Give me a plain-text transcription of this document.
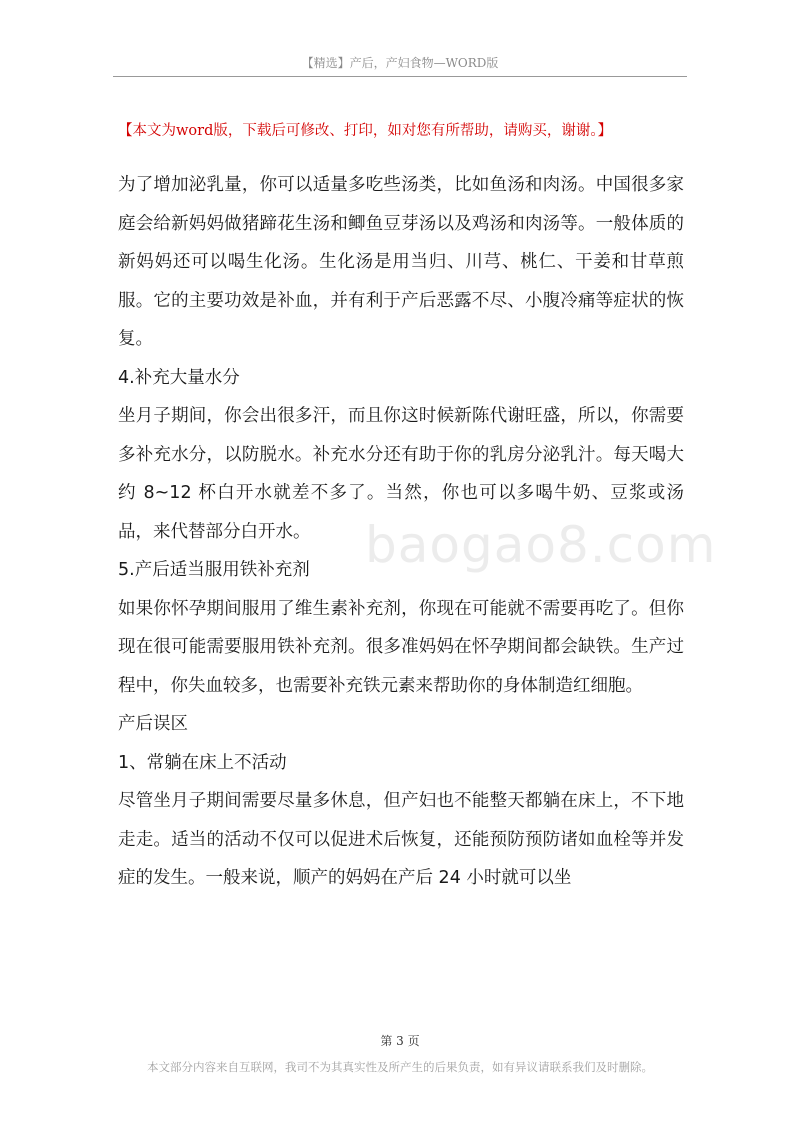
【精选】产后，产妇食物—WORD版
【本文为word版，下载后可修改、打印，如对您有所帮助，请购买，谢谢。】

为了增加泌乳量，你可以适量多吃些汤类，比如鱼汤和肉汤。中国很多家庭会给新妈妈做猪蹄花生汤和鲫鱼豆芽汤以及鸡汤和肉汤等。一般体质的新妈妈还可以喝生化汤。生化汤是用当归、川芎、桃仁、干姜和甘草煎服。它的主要功效是补血，并有利于产后恶露不尽、小腹冷痛等症状的恢复。

4.补充大量水分

坐月子期间，你会出很多汗，而且你这时候新陈代谢旺盛，所以，你需要多补充水分，以防脱水。补充水分还有助于你的乳房分泌乳汁。每天喝大约 8~12 杯白开水就差不多了。当然，你也可以多喝牛奶、豆浆或汤品，来代替部分白开水。

5.产后适当服用铁补充剂

如果你怀孕期间服用了维生素补充剂，你现在可能就不需要再吃了。但你现在很可能需要服用铁补充剂。很多准妈妈在怀孕期间都会缺铁。生产过程中，你失血较多，也需要补充铁元素来帮助你的身体制造红细胞。

产后误区

1、常躺在床上不活动

尽管坐月子期间需要尽量多休息，但产妇也不能整天都躺在床上，不下地走走。适当的活动不仅可以促进术后恢复，还能预防预防诸如血栓等并发症的发生。一般来说，顺产的妈妈在产后 24 小时就可以坐

baogao8.com
第 3 页
本文部分内容来自互联网，我司不为其真实性及所产生的后果负责，如有异议请联系我们及时删除。
